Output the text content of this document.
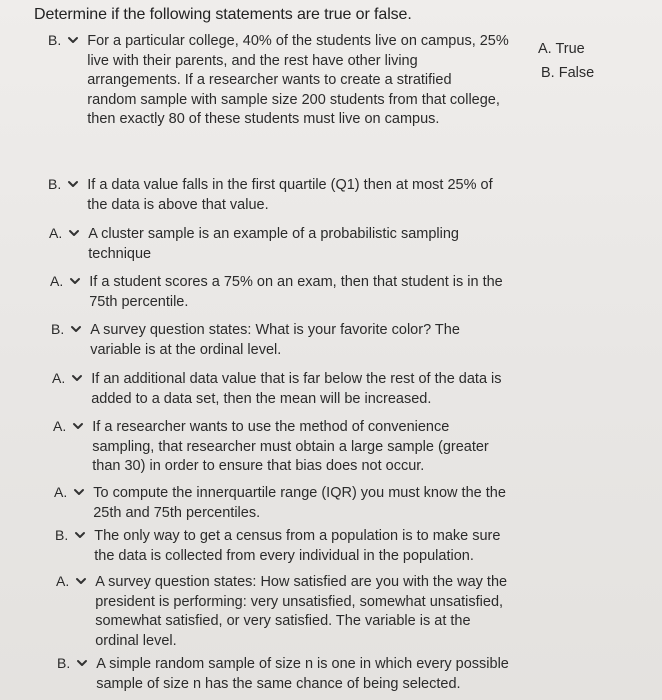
Determine if the following statements are true or false.
A. True
B. False
B. For a particular college, 40% of the students live on campus, 25%
live with their parents, and the rest have other living
arrangements. If a researcher wants to create a stratified
random sample with sample size 200 students from that college,
then exactly 80 of these students must live on campus.
B. If a data value falls in the first quartile (Q1) then at most 25% of
the data is above that value.
A. A cluster sample is an example of a probabilistic sampling
technique
A. If a student scores a 75% on an exam, then that student is in the
75th percentile.
B. A survey question states: What is your favorite color? The
variable is at the ordinal level.
A. If an additional data value that is far below the rest of the data is
added to a data set, then the mean will be increased.
A. If a researcher wants to use the method of convenience
sampling, that researcher must obtain a large sample (greater
than 30) in order to ensure that bias does not occur.
A. To compute the innerquartile range (IQR) you must know the the
25th and 75th percentiles.
B. The only way to get a census from a population is to make sure
the data is collected from every individual in the population.
A. A survey question states: How satisfied are you with the way the
president is performing: very unsatisfied, somewhat unsatisfied,
somewhat satisfied, or very satisfied. The variable is at the
ordinal level.
B. A simple random sample of size n is one in which every possible
sample of size n has the same chance of being selected.
